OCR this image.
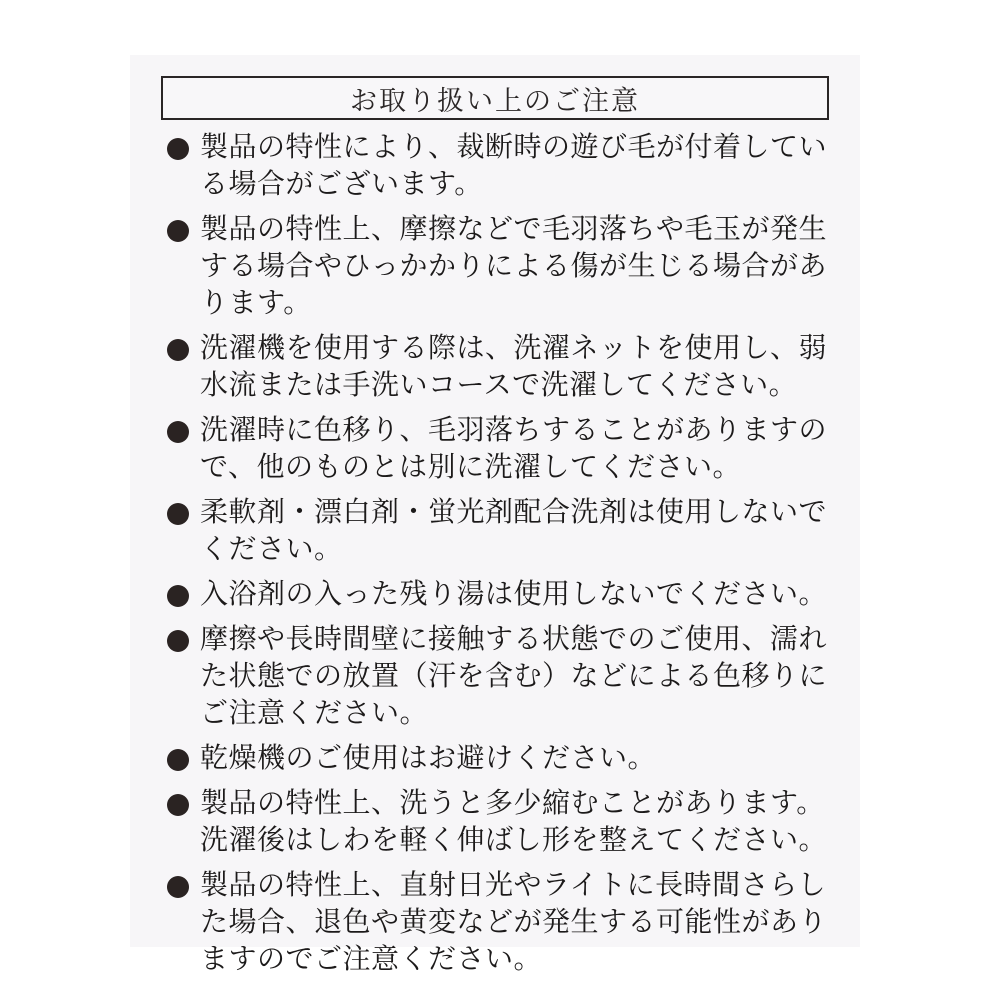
お取り扱い上のご注意
製品の特性により、裁断時の遊び毛が付着している場合がございます。
製品の特性上、摩擦などで毛羽落ちや毛玉が発生する場合やひっかかりによる傷が生じる場合があります。
洗濯機を使用する際は、洗濯ネットを使用し、弱水流または手洗いコースで洗濯してください。
洗濯時に色移り、毛羽落ちすることがありますので、他のものとは別に洗濯してください。
柔軟剤・漂白剤・蛍光剤配合洗剤は使用しないでください。
入浴剤の入った残り湯は使用しないでください。
摩擦や長時間壁に接触する状態でのご使用、濡れた状態での放置（汗を含む）などによる色移りにご注意ください。
乾燥機のご使用はお避けください。
製品の特性上、洗うと多少縮むことがあります。洗濯後はしわを軽く伸ばし形を整えてください。
製品の特性上、直射日光やライトに長時間さらした場合、退色や黄変などが発生する可能性がありますのでご注意ください。
